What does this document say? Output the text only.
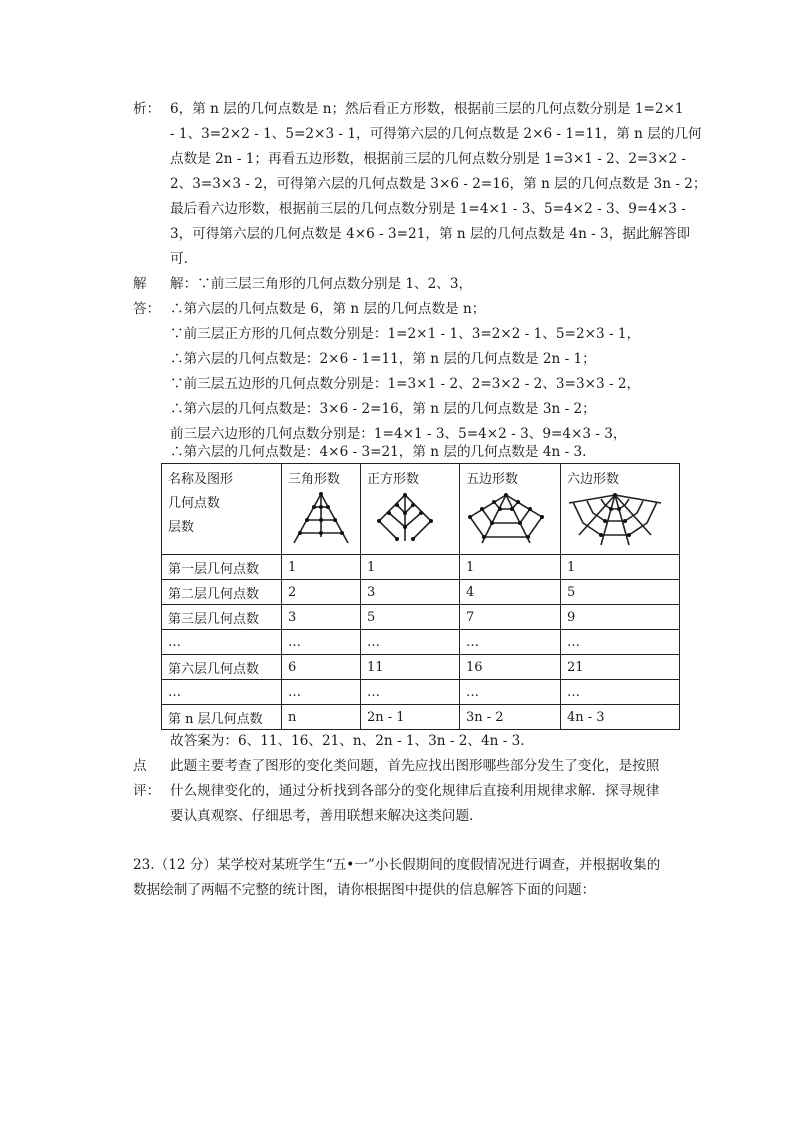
析： 6，第 n 层的几何点数是 n；然后看正方形数，根据前三层的几何点数分别是 1=2×1
- 1、3=2×2 - 1、5=2×3 - 1，可得第六层的几何点数是 2×6 - 1=11，第 n 层的几何
点数是 2n - 1；再看五边形数，根据前三层的几何点数分别是 1=3×1 - 2、2=3×2 -
2、3=3×3 - 2，可得第六层的几何点数是 3×6 - 2=16，第 n 层的几何点数是 3n - 2；
最后看六边形数，根据前三层的几何点数分别是 1=4×1 - 3、5=4×2 - 3、9=4×3 -
3，可得第六层的几何点数是 4×6 - 3=21，第 n 层的几何点数是 4n - 3，据此解答即
可.
解
答：
解：∵前三层三角形的几何点数分别是 1、2、3，
∴第六层的几何点数是 6，第 n 层的几何点数是 n；
∵前三层正方形的几何点数分别是：1=2×1 - 1、3=2×2 - 1、5=2×3 - 1，
∴第六层的几何点数是：2×6 - 1=11，第 n 层的几何点数是 2n - 1；
∵前三层五边形的几何点数分别是：1=3×1 - 2、2=3×2 - 2、3=3×3 - 2，
∴第六层的几何点数是：3×6 - 2=16，第 n 层的几何点数是 3n - 2；
前三层六边形的几何点数分别是：1=4×1 - 3、5=4×2 - 3、9=4×3 - 3，
∴第六层的几何点数是：4×6 - 3=21，第 n 层的几何点数是 4n - 3.
名称及图形
几何点数
层数	三角形数	正方形数	五边形数	六边形数

第一层几何点数	1	1	1	1
第二层几何点数	2	3	4	5
第三层几何点数	3	5	7	9
…	…	…	…	…
第六层几何点数	6	11	16	21
…	…	…	…	…
第 n 层几何点数	n	2n - 1	3n - 2	4n - 3
故答案为：6、11、16、21、n、2n - 1、3n - 2、4n - 3.
点
评：
此题主要考查了图形的变化类问题，首先应找出图形哪些部分发生了变化，是按照
什么规律变化的，通过分析找到各部分的变化规律后直接利用规律求解．探寻规律
要认真观察、仔细思考，善用联想来解决这类问题.
23.（12 分）某学校对某班学生“五•一”小长假期间的度假情况进行调查，并根据收集的
数据绘制了两幅不完整的统计图，请你根据图中提供的信息解答下面的问题：
